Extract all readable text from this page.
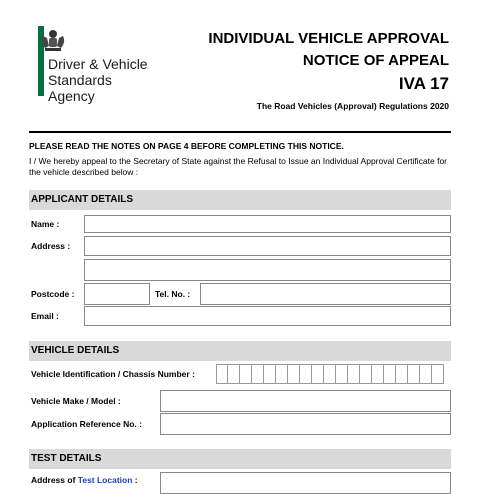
Driver & Vehicle
Standards
Agency
INDIVIDUAL VEHICLE APPROVAL
NOTICE OF APPEAL
IVA 17
The Road Vehicles (Approval) Regulations 2020
PLEASE READ THE NOTES ON PAGE 4 BEFORE COMPLETING THIS NOTICE.
I / We hereby appeal to the Secretary of State against the Refusal to Issue an Individual Approval Certificate for the vehicle described below :
APPLICANT DETAILS
Name :
Address :
Postcode :	Tel. No. :
Email :
VEHICLE DETAILS
Vehicle Identification / Chassis Number :
Vehicle Make / Model :
Application Reference No. :
TEST DETAILS
Address of Test Location :
